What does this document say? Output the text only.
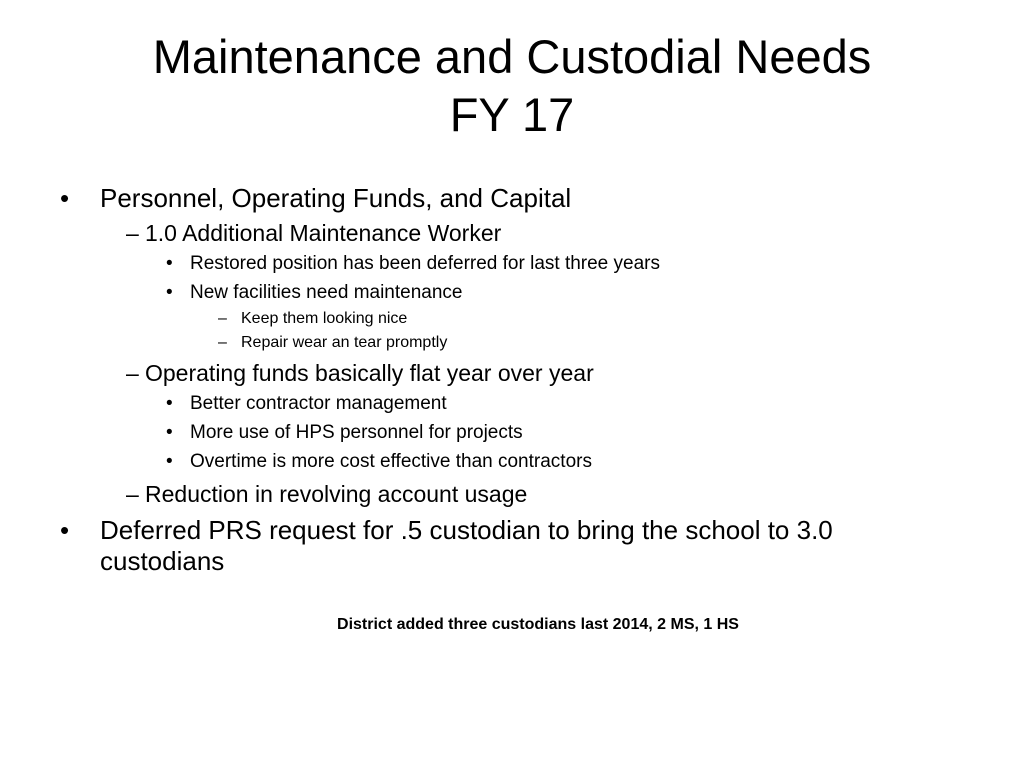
Maintenance and Custodial Needs
FY 17
• Personnel, Operating Funds, and Capital
– 1.0 Additional Maintenance Worker
• Restored position has been deferred for last three years
• New facilities need maintenance
– Keep them looking nice
– Repair wear an tear promptly
– Operating funds basically flat year over year
• Better contractor management
• More use of HPS personnel for projects
• Overtime is more cost effective than contractors
– Reduction in revolving account usage
• Deferred PRS request for .5 custodian to bring the school to 3.0
custodians
District added three custodians last 2014, 2 MS, 1 HS
